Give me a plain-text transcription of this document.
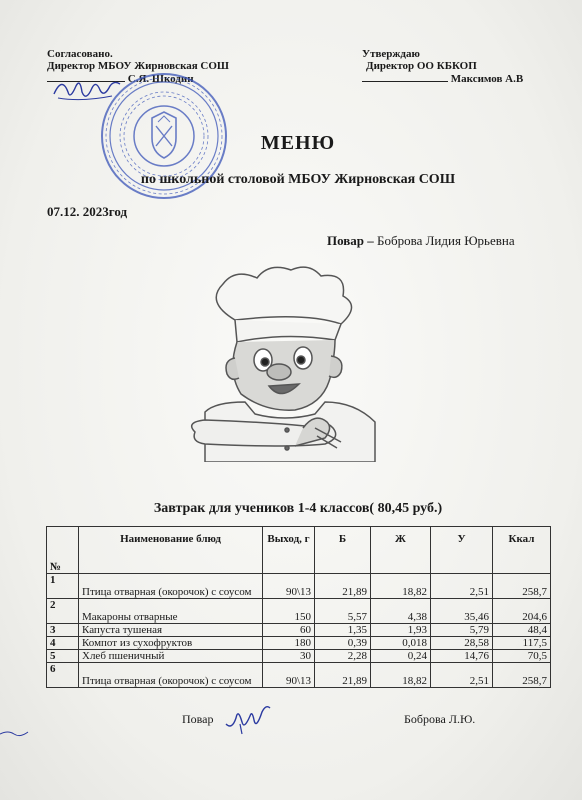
Согласовано.
Директор МБОУ Жирновская СОШ
С.Я. Шкодин
Утверждаю
Директор ОО КБКОП
Максимов А.В
МЕНЮ
по школьной столовой МБОУ Жирновская СОШ
07.12. 2023год
Повар – Боброва Лидия Юрьевна
Завтрак для учеников 1-4 классов( 80,45 руб.)
№	Наименование блюд	Выход, г	Б	Ж	У	Ккал
1	Птица отварная (окорочок) с соусом	90\13	21,89	18,82	2,51	258,7
2	Макароны отварные	150	5,57	4,38	35,46	204,6
3	Капуста тушеная	60	1,35	1,93	5,79	48,4
4	Компот из сухофруктов	180	0,39	0,018	28,58	117,5
5	Хлеб пшеничный	30	2,28	0,24	14,76	70,5
6	Птица отварная (окорочок) с соусом	90\13	21,89	18,82	2,51	258,7
Повар	Боброва Л.Ю.
